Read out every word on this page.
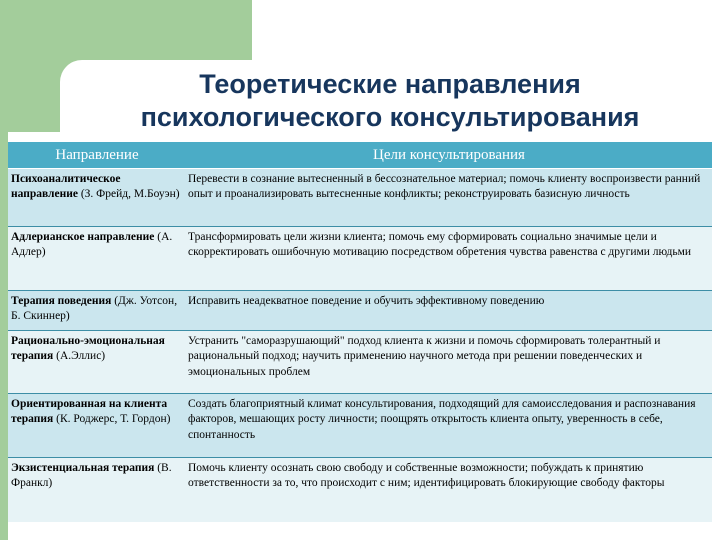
Теоретические направления
психологического консультирования
Направление	Цели консультирования
Психоаналитическое направление (З. Фрейд, М.Боуэн)	Перевести в сознание вытесненный в бессознательное материал; помочь клиенту воспроизвести ранний опыт и проанализировать вытесненные конфликты; реконструировать базисную личность
Адлерианское направление (А. Адлер)	Трансформировать цели жизни клиента; помочь ему сформировать социально значимые цели и скорректировать ошибочную мотивацию посредством обретения чувства равенства с другими людьми
Терапия поведения (Дж. Уотсон, Б. Скиннер)	Исправить неадекватное поведение и обучить эффективному поведению
Рационально-эмоциональная терапия (А.Эллис)	Устранить "саморазрушающий" подход клиента к жизни и помочь сформировать толерантный и рациональный подход; научить применению научного метода при решении поведенческих и эмоциональных проблем
Ориентированная на клиента терапия (К. Роджерс, Т. Гордон)	Создать благоприятный климат консультирования, подходящий для самоисследования и распознавания факторов, мешающих росту личности; поощрять открытость клиента опыту, уверенность в себе, спонтанность
Экзистенциальная терапия (В. Франкл)	Помочь клиенту осознать свою свободу и собственные возможности; побуждать к принятию ответственности за то, что происходит с ним; идентифицировать блокирующие свободу факторы
